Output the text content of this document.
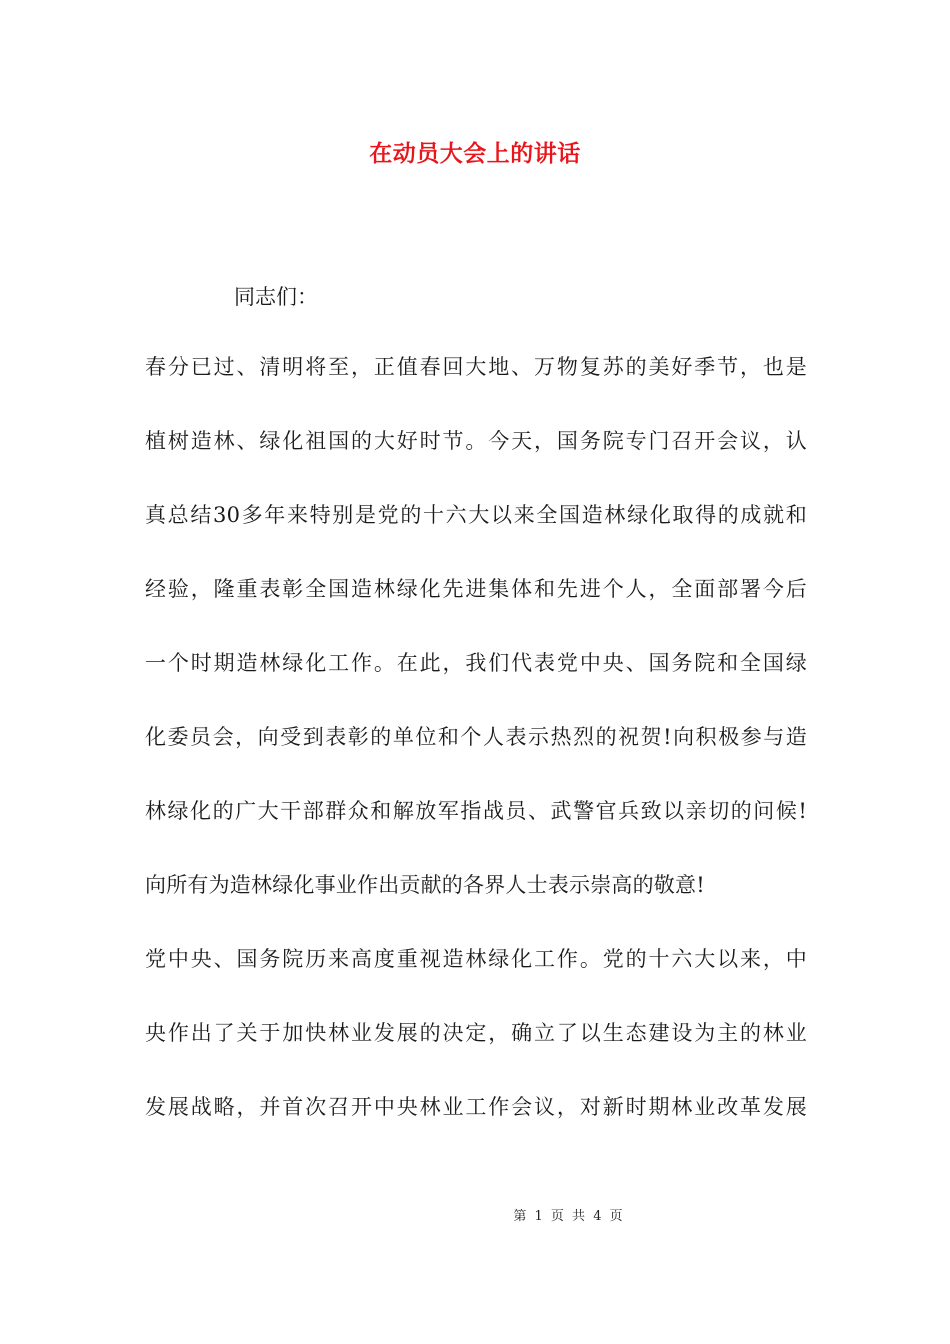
在动员大会上的讲话

同志们：

春分已过、清明将至，正值春回大地、万物复苏的美好季节，也是
植树造林、绿化祖国的大好时节。今天，国务院专门召开会议，认
真总结30多年来特别是党的十六大以来全国造林绿化取得的成就和
经验，隆重表彰全国造林绿化先进集体和先进个人，全面部署今后
一个时期造林绿化工作。在此，我们代表党中央、国务院和全国绿
化委员会，向受到表彰的单位和个人表示热烈的祝贺!向积极参与造
林绿化的广大干部群众和解放军指战员、武警官兵致以亲切的问候!
向所有为造林绿化事业作出贡献的各界人士表示崇高的敬意!
党中央、国务院历来高度重视造林绿化工作。党的十六大以来，中
央作出了关于加快林业发展的决定，确立了以生态建设为主的林业
发展战略，并首次召开中央林业工作会议，对新时期林业改革发展
第 1 页 共 4 页
